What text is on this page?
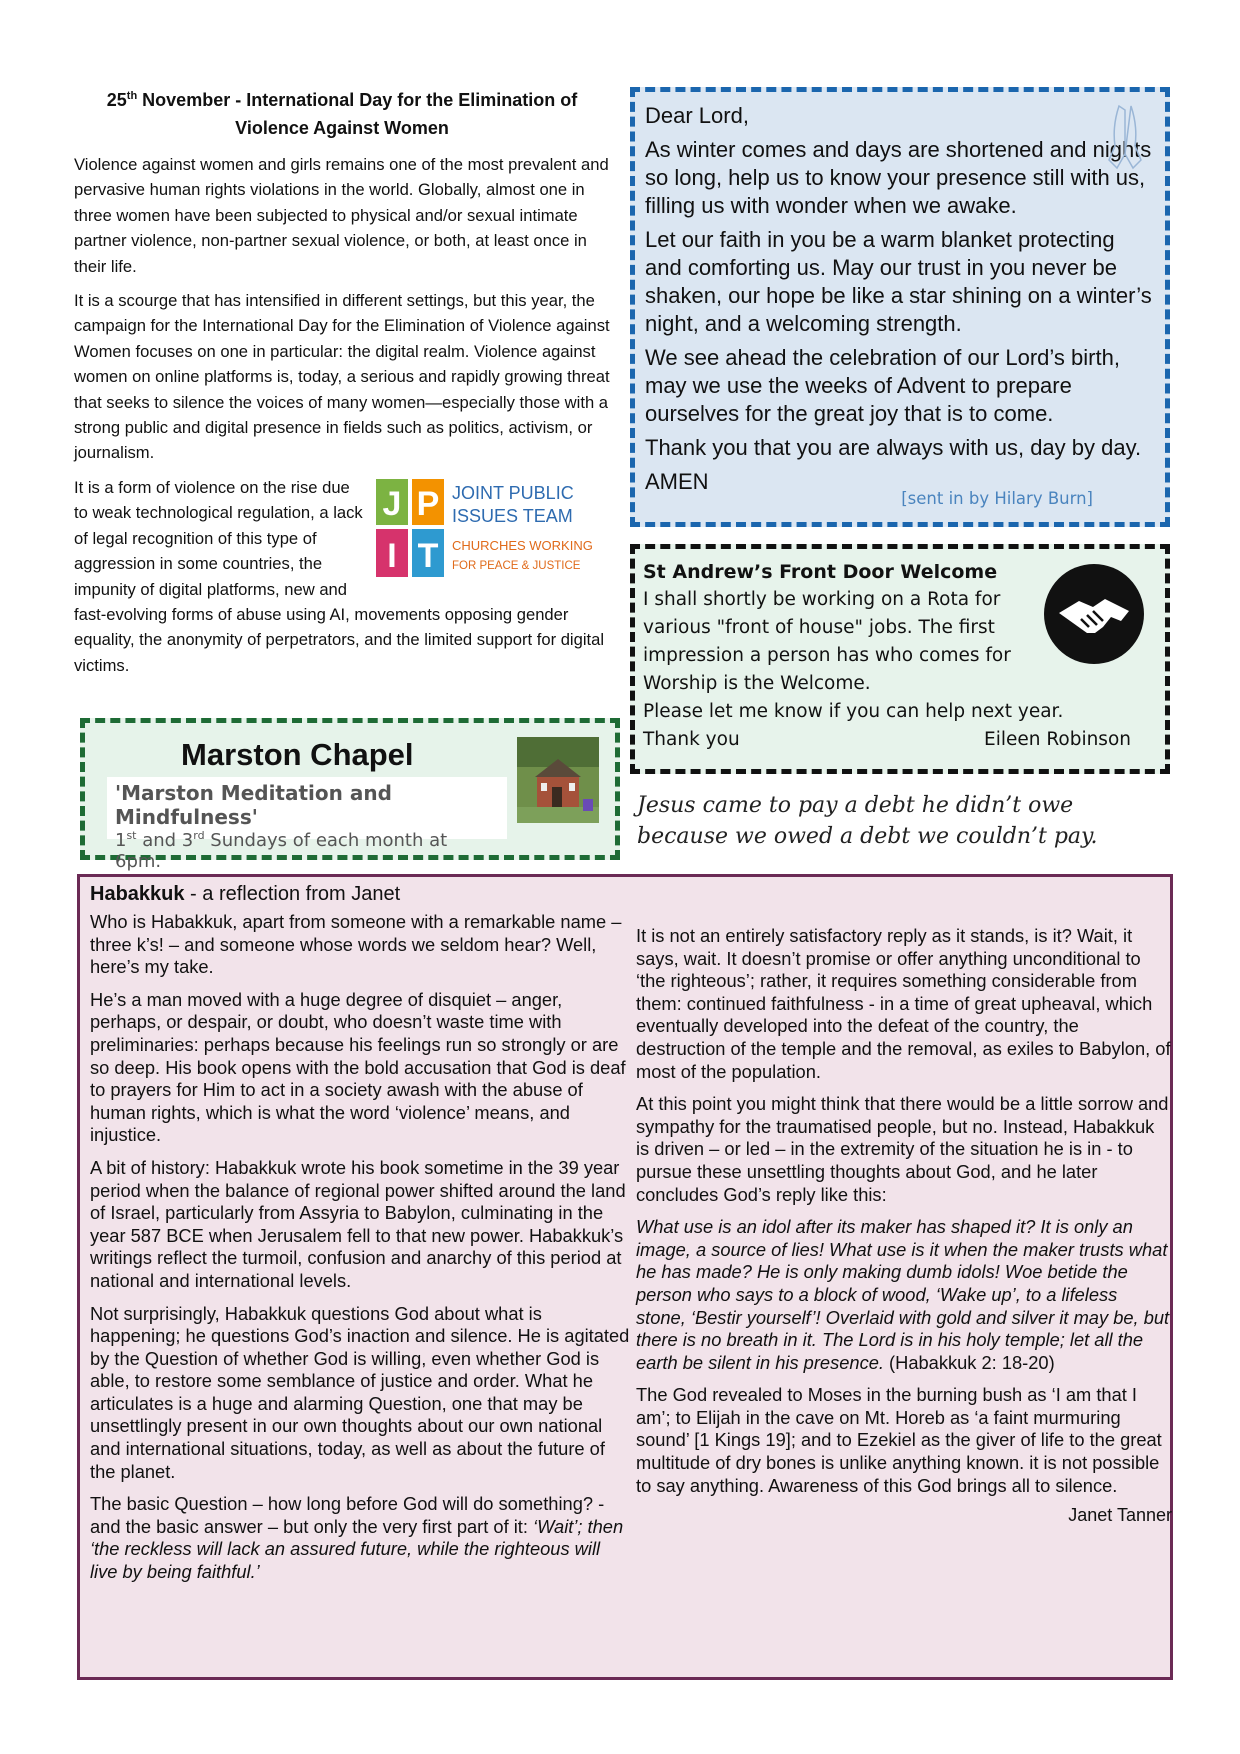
25th November - International Day for the Elimination of Violence Against Women

Violence against women and girls remains one of the most prevalent and pervasive human rights violations in the world. Globally, almost one in three women have been subjected to physical and/or sexual intimate partner violence, non-partner sexual violence, or both, at least once in their life.

It is a scourge that has intensified in different settings, but this year, the campaign for the International Day for the Elimination of Violence against Women focuses on one in particular: the digital realm. Violence against women on online platforms is, today, a serious and rapidly growing threat that seeks to silence the voices of many women—especially those with a strong public and digital presence in fields such as politics, activism, or journalism.

J P
I T
JOINT PUBLIC
ISSUES TEAM
CHURCHES WORKING
FOR PEACE & JUSTICE
It is a form of violence on the rise due to weak technological regulation, a lack of legal recognition of this type of aggression in some countries, the impunity of digital platforms, new and fast-evolving forms of abuse using AI, movements opposing gender equality, the anonymity of perpetrators, and the limited support for digital victims.

Dear Lord,

As winter comes and days are shortened and nights so long, help us to know your presence still with us, filling us with wonder when we awake.

Let our faith in you be a warm blanket protecting and comforting us. May our trust in you never be shaken, our hope be like a star shining on a winter’s night, and a welcoming strength.

We see ahead the celebration of our Lord’s birth, may we use the weeks of Advent to prepare ourselves for the great joy that is to come.

Thank you that you are always with us, day by day.

AMEN

[sent in by Hilary Burn]
St Andrew’s Front Door Welcome

I shall shortly be working on a Rota for various "front of house" jobs. The first impression a person has who comes for Worship is the Welcome.

Please let me know if you can help next year.

Thank you	Eileen Robinson

Jesus came to pay a debt he didn’t owe
because we owed a debt we couldn’t pay.
Marston Chapel
'Marston Meditation and Mindfulness'
1st and 3rd Sundays of each month at 6pm.
Habakkuk - a reflection from Janet

Who is Habakkuk, apart from someone with a remarkable name – three k’s! – and someone whose words we seldom hear? Well, here’s my take.

He’s a man moved with a huge degree of disquiet – anger, perhaps, or despair, or doubt, who doesn’t waste time with preliminaries: perhaps because his feelings run so strongly or are so deep. His book opens with the bold accusation that God is deaf to prayers for Him to act in a society awash with the abuse of human rights, which is what the word ‘violence’ means, and injustice.

A bit of history: Habakkuk wrote his book sometime in the 39 year period when the balance of regional power shifted around the land of Israel, particularly from Assyria to Babylon, culminating in the year 587 BCE when Jerusalem fell to that new power. Habakkuk’s writings reflect the turmoil, confusion and anarchy of this period at national and international levels.

Not surprisingly, Habakkuk questions God about what is happening; he questions God’s inaction and silence. He is agitated by the Question of whether God is willing, even whether God is able, to restore some semblance of justice and order. What he articulates is a huge and alarming Question, one that may be unsettlingly present in our own thoughts about our own national and international situations, today, as well as about the future of the planet.

The basic Question – how long before God will do something? - and the basic answer – but only the very first part of it: ‘Wait’; then ‘the reckless will lack an assured future, while the righteous will live by being faithful.’

It is not an entirely satisfactory reply as it stands, is it? Wait, it says, wait. It doesn’t promise or offer anything unconditional to ‘the righteous’; rather, it requires something considerable from them: continued faithfulness - in a time of great upheaval, which eventually developed into the defeat of the country, the destruction of the temple and the removal, as exiles to Babylon, of most of the population.

At this point you might think that there would be a little sorrow and sympathy for the traumatised people, but no. Instead, Habakkuk is driven – or led – in the extremity of the situation he is in - to pursue these unsettling thoughts about God, and he later concludes God’s reply like this:

What use is an idol after its maker has shaped it? It is only an image, a source of lies! What use is it when the maker trusts what he has made? He is only making dumb idols! Woe betide the person who says to a block of wood, ‘Wake up’, to a lifeless stone, ‘Bestir yourself’! Overlaid with gold and silver it may be, but there is no breath in it. The Lord is in his holy temple; let all the earth be silent in his presence. (Habakkuk 2: 18-20)

The God revealed to Moses in the burning bush as ‘I am that I am’; to Elijah in the cave on Mt. Horeb as ‘a faint murmuring sound’ [1 Kings 19]; and to Ezekiel as the giver of life to the great multitude of dry bones is unlike anything known. it is not possible to say anything. Awareness of this God brings all to silence.

Janet Tanner
